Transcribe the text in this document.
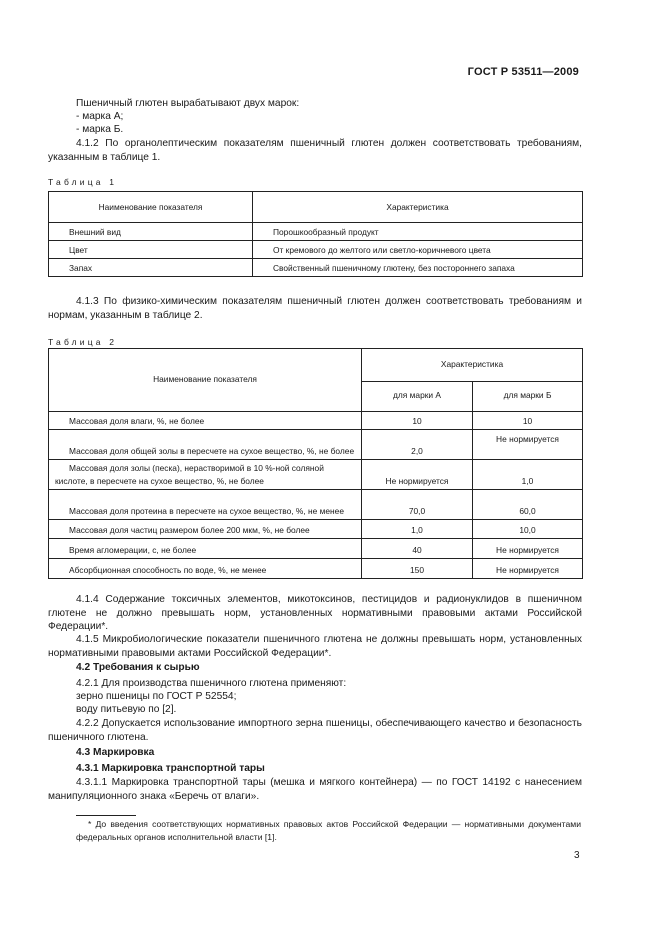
ГОСТ Р 53511—2009
Пшеничный глютен вырабатывают двух марок:
- марка А;
- марка Б.
4.1.2 По органолептическим показателям пшеничный глютен должен соответствовать требованиям, указанным в таблице 1.
Таблица 1
Наименование показателя	Характеристика
Внешний вид	Порошкообразный продукт
Цвет	От кремового до желтого или светло-коричневого цвета
Запах	Свойственный пшеничному глютену, без постороннего запаха
4.1.3 По физико-химическим показателям пшеничный глютен должен соответствовать требованиям и нормам, указанным в таблице 2.
Таблица 2
Наименование показателя	Характеристика	
	для марки А	для марки Б
Массовая доля влаги, %, не более	10	10
Массовая доля общей золы в пересчете на сухое вещество, %, не более	2,0	Не нормируется
Массовая доля золы (песка), нерастворимой в 10 %-ной соляной кислоте, в пересчете на сухое вещество, %, не более	Не нормируется	1,0
Массовая доля протеина в пересчете на сухое вещество, %, не менее	70,0	60,0
Массовая доля частиц размером более 200 мкм, %, не более	1,0	10,0
Время агломерации, с, не более	40	Не нормируется
Абсорбционная способность по воде, %, не менее	150	Не нормируется
4.1.4 Содержание токсичных элементов, микотоксинов, пестицидов и радионуклидов в пшеничном глютене не должно превышать норм, установленных нормативными правовыми актами Российской Федерации*.
4.1.5 Микробиологические показатели пшеничного глютена не должны превышать норм, установленных нормативными правовыми актами Российской Федерации*.
4.2 Требования к сырью
4.2.1 Для производства пшеничного глютена применяют:
зерно пшеницы по ГОСТ Р 52554;
воду питьевую по [2].
4.2.2 Допускается использование импортного зерна пшеницы, обеспечивающего качество и безопасность пшеничного глютена.
4.3 Маркировка
4.3.1 Маркировка транспортной тары
4.3.1.1 Маркировка транспортной тары (мешка и мягкого контейнера) — по ГОСТ 14192 с нанесением манипуляционного знака «Беречь от влаги».
* До введения соответствующих нормативных правовых актов Российской Федерации — нормативными документами федеральных органов исполнительной власти [1].
3
